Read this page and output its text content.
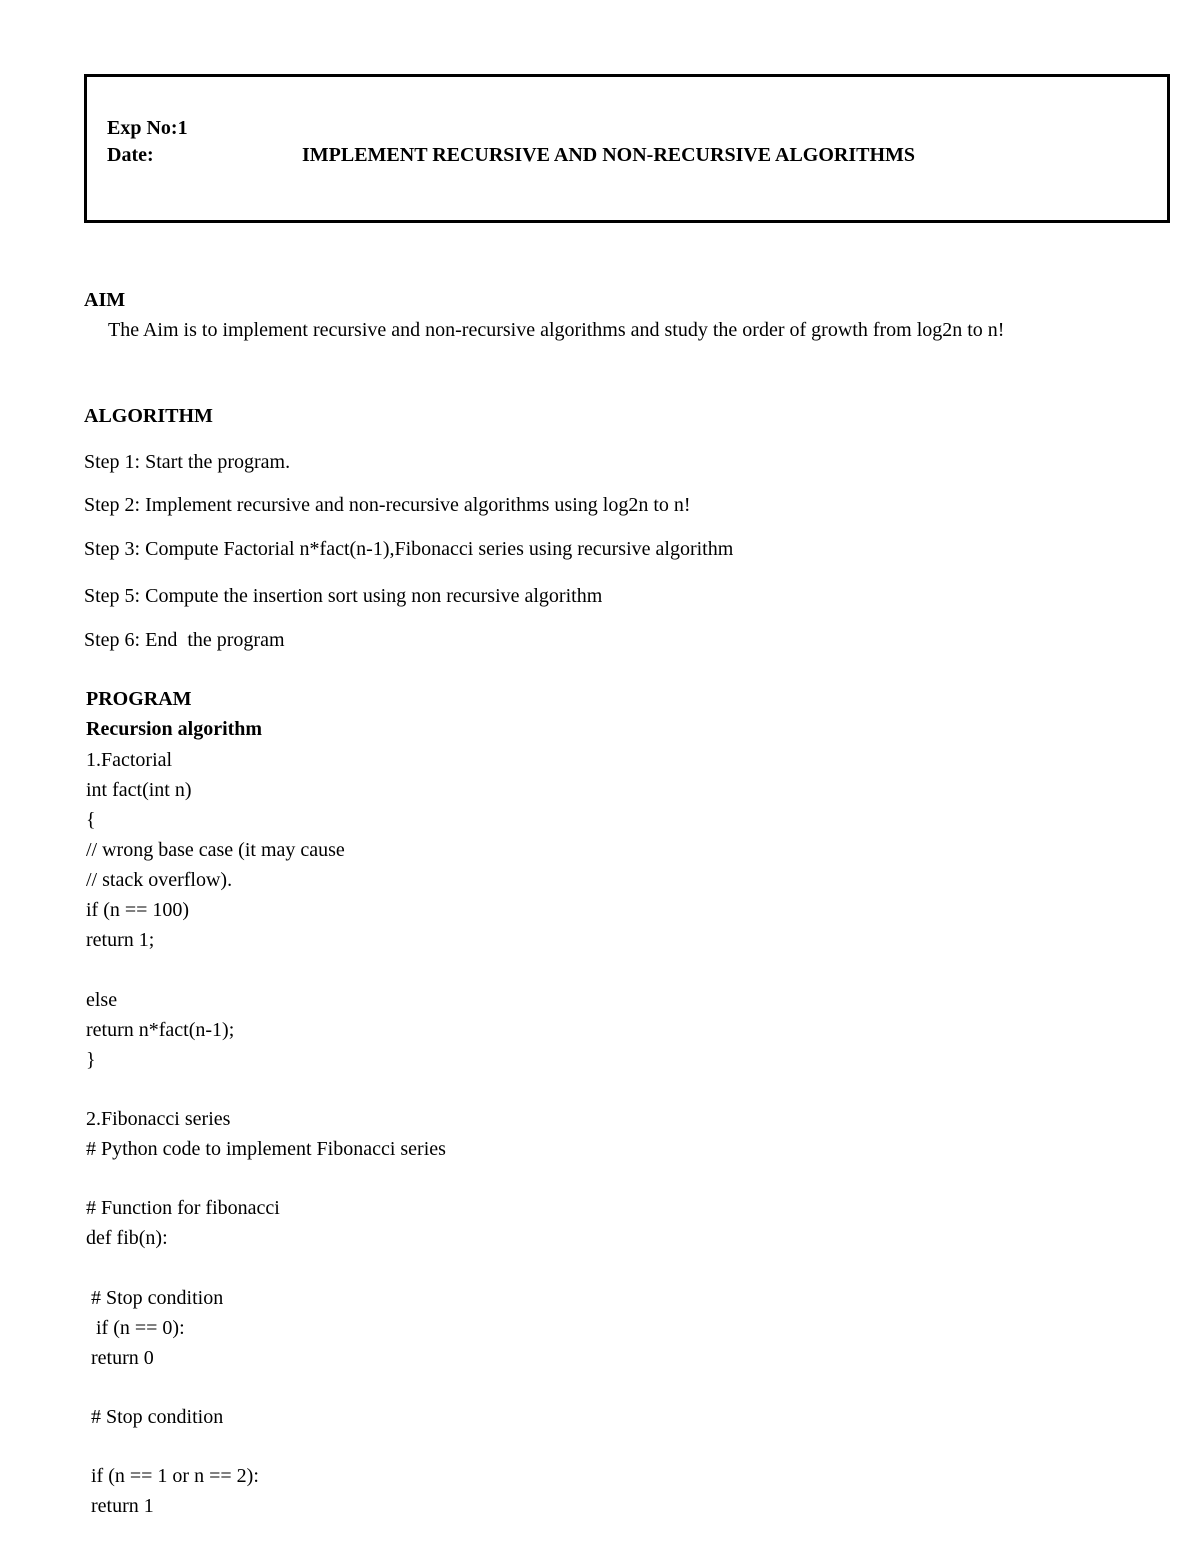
Exp No:1
Date:	IMPLEMENT RECURSIVE AND NON-RECURSIVE ALGORITHMS
AIM
The Aim is to implement recursive and non-recursive algorithms and study the order of growth from log2n to n!
ALGORITHM
Step 1: Start the program.
Step 2: Implement recursive and non-recursive algorithms using log2n to n!
Step 3: Compute Factorial n*fact(n-1),Fibonacci series using recursive algorithm
Step 5: Compute the insertion sort using non recursive algorithm
Step 6: End  the program
PROGRAM
Recursion algorithm
1.Factorial
int fact(int n)
{
// wrong base case (it may cause
// stack overflow).
if (n == 100)
return 1;
else
return n*fact(n-1);
}
2.Fibonacci series
# Python code to implement Fibonacci series
# Function for fibonacci
def fib(n):
# Stop condition
if (n == 0):
return 0
# Stop condition
if (n == 1 or n == 2):
return 1
